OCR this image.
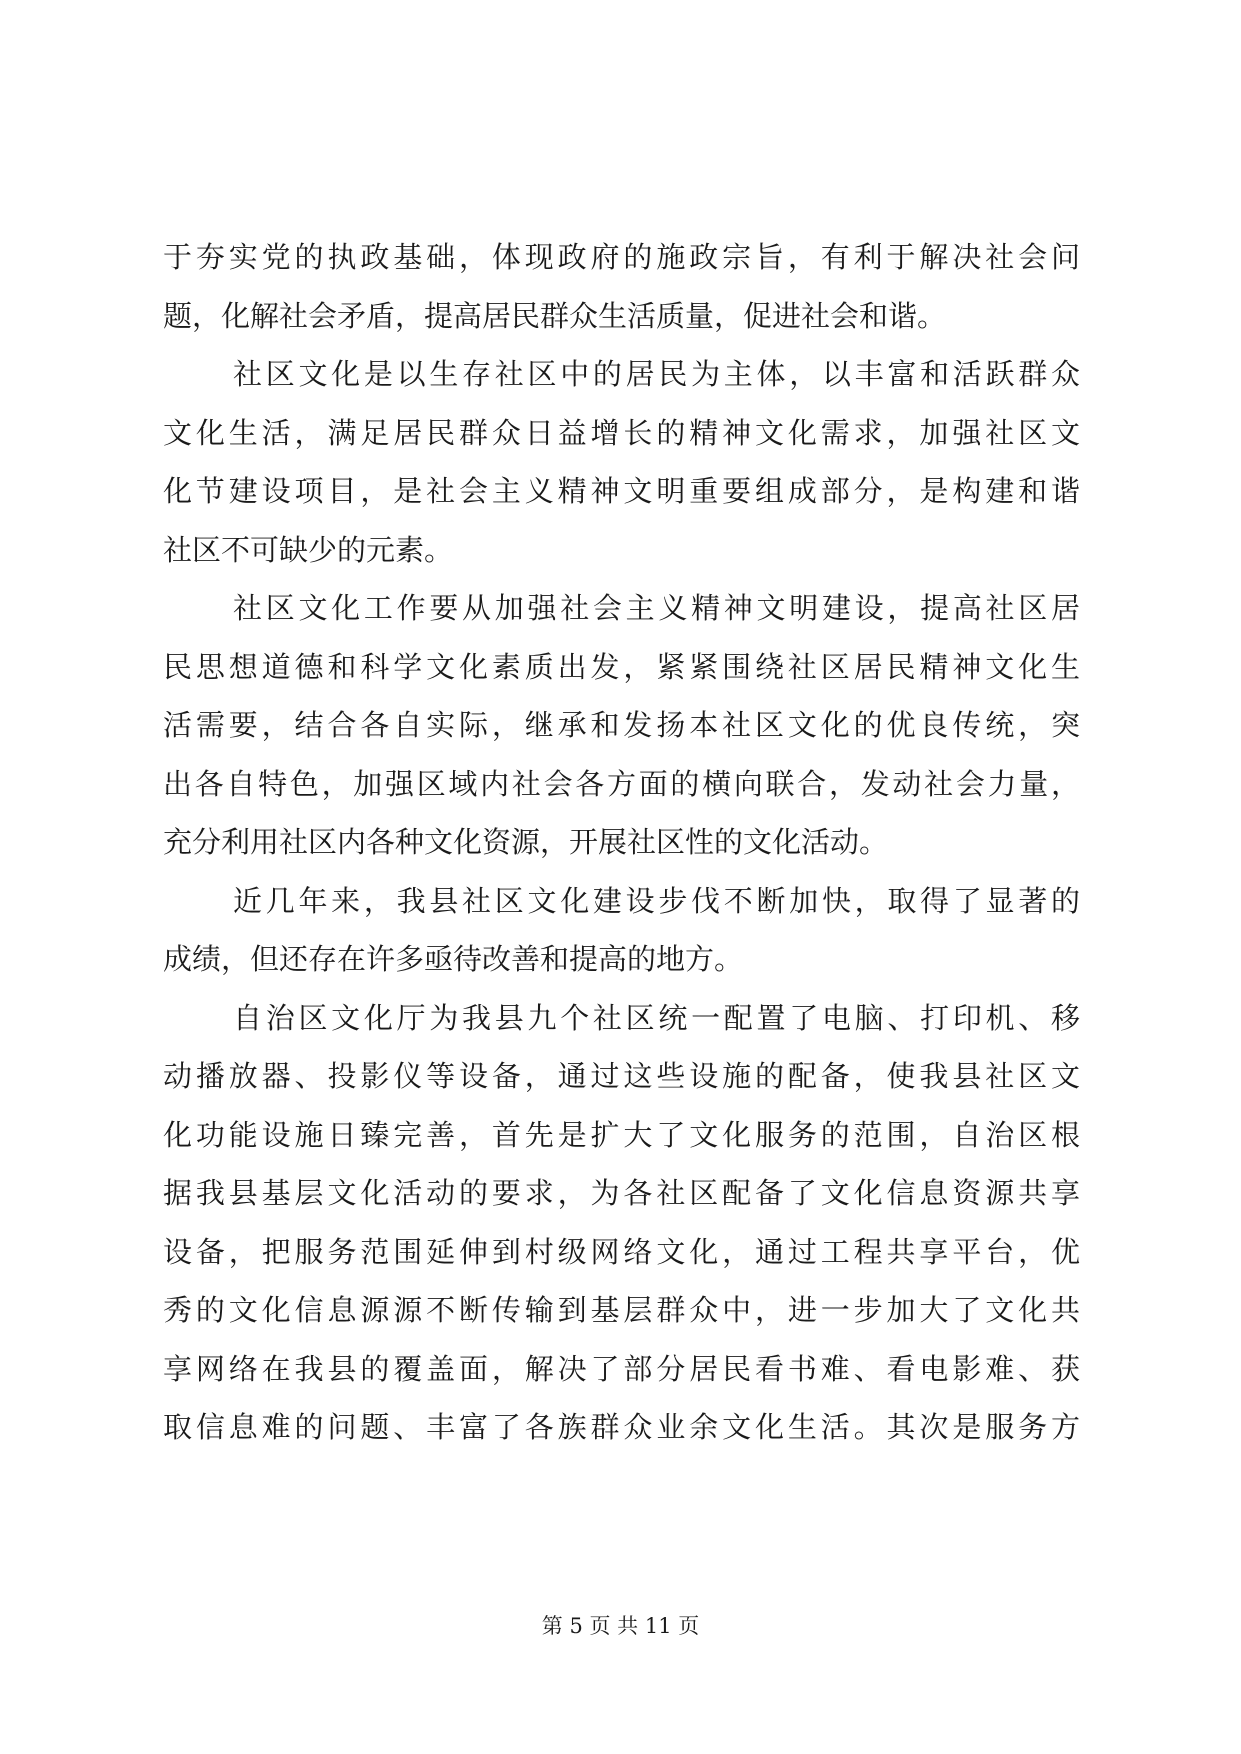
于夯实党的执政基础，体现政府的施政宗旨，有利于解决社会问
题，化解社会矛盾，提高居民群众生活质量，促进社会和谐。
社区文化是以生存社区中的居民为主体，以丰富和活跃群众
文化生活，满足居民群众日益增长的精神文化需求，加强社区文
化节建设项目，是社会主义精神文明重要组成部分，是构建和谐
社区不可缺少的元素。
社区文化工作要从加强社会主义精神文明建设，提高社区居
民思想道德和科学文化素质出发，紧紧围绕社区居民精神文化生
活需要，结合各自实际，继承和发扬本社区文化的优良传统，突
出各自特色，加强区域内社会各方面的横向联合，发动社会力量，
充分利用社区内各种文化资源，开展社区性的文化活动。
近几年来，我县社区文化建设步伐不断加快，取得了显著的
成绩，但还存在许多亟待改善和提高的地方。
自治区文化厅为我县九个社区统一配置了电脑、打印机、移
动播放器、投影仪等设备，通过这些设施的配备，使我县社区文
化功能设施日臻完善，首先是扩大了文化服务的范围，自治区根
据我县基层文化活动的要求，为各社区配备了文化信息资源共享
设备，把服务范围延伸到村级网络文化，通过工程共享平台，优
秀的文化信息源源不断传输到基层群众中，进一步加大了文化共
享网络在我县的覆盖面，解决了部分居民看书难、看电影难、获
取信息难的问题、丰富了各族群众业余文化生活。其次是服务方
第 5 页 共 11 页
